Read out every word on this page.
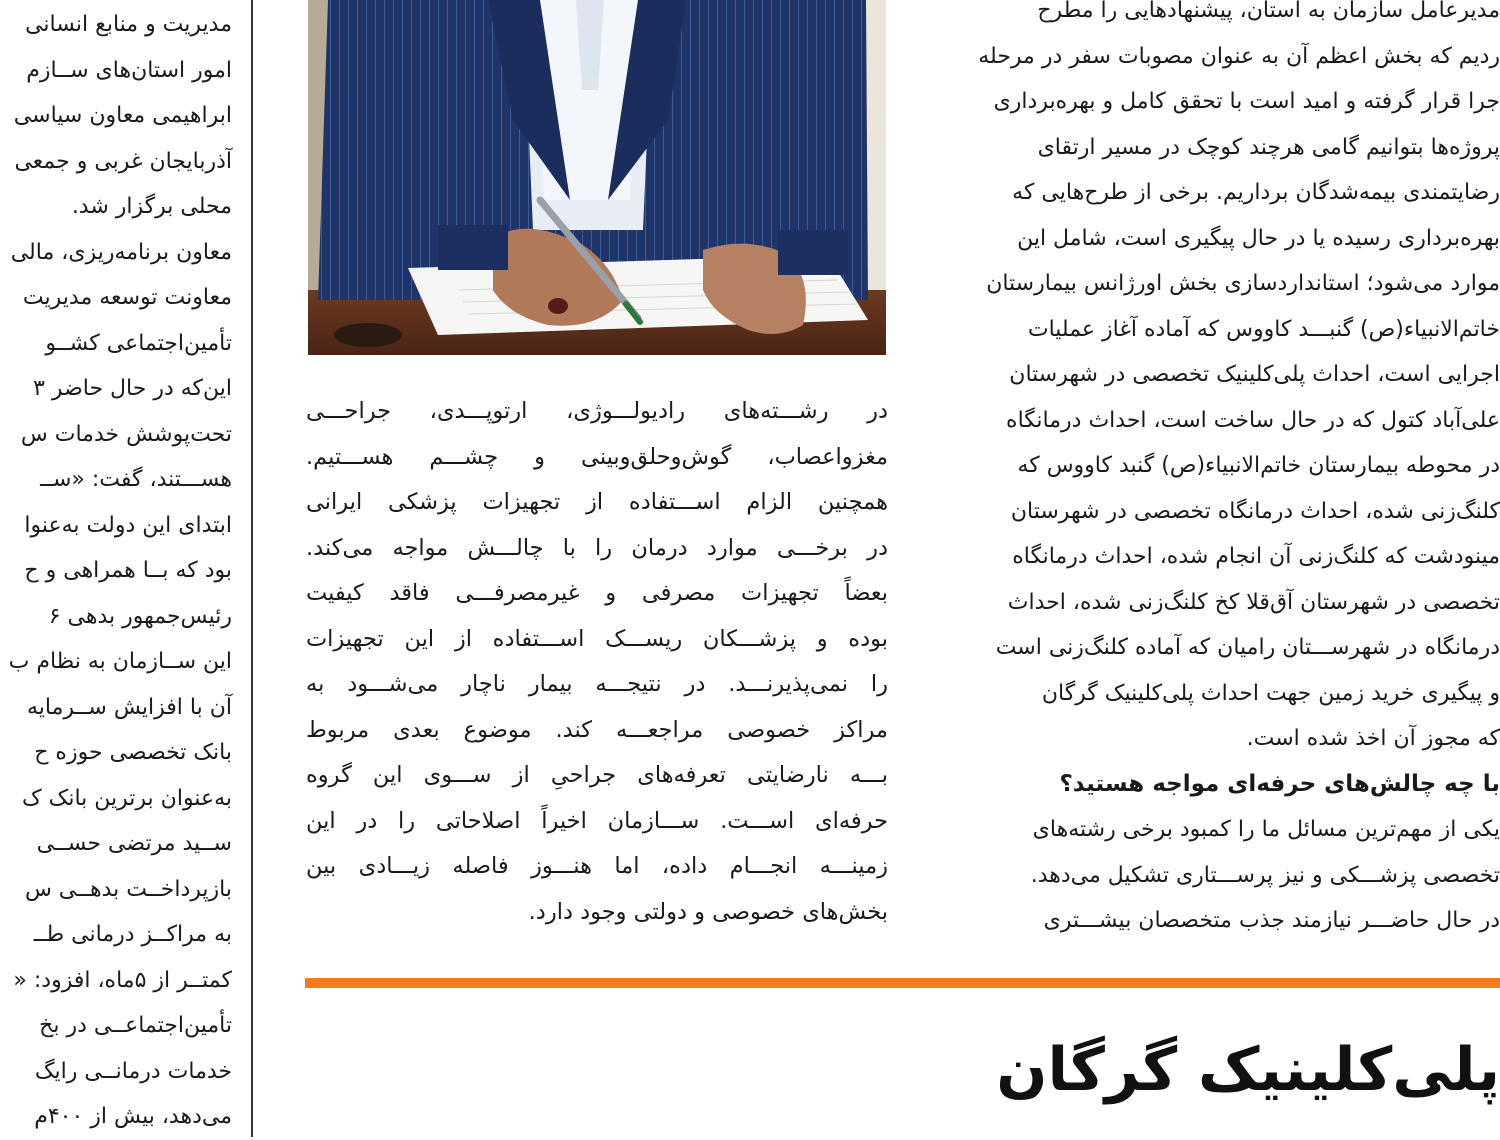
مدیریت و منابع انسانی
امور استان‌های ســازم
ابراهیمی معاون سیاسی
آذربایجان غربی و جمعی
محلی برگزار شد.
معاون برنامه‌ریزی، مالی
معاونت توسعه مدیریت
تأمین‌اجتماعی کشــو
این‌که در حال حاضر ۳
تحت‌پوشش خدمات س
هســـتند، گفت: «ســ
ابتدای این دولت به‌عنوا
بود که بــا همراهی و ح
رئیس‌جمهور بدهی ۶
این ســازمان به نظام ب
آن با افزایش ســرمایه
بانک تخصصی حوزه ح
به‌عنوان برترین بانک ک
ســید مرتضی حســی
بازپرداخــت بدهــی س
به مراکــز درمانی طــ
کمتــر از ۵ماه، افزود: «
تأمین‌اجتماعــی در بخ
خدمات درمانــی رایگ
می‌دهد، بیش از ۴۰۰م
در رشـــته‌های رادیولـــوژی، ارتوپـــدی، جراحـــی
مغزواعصاب، گوش‌وحلق‌وبینی و چشـــم هســـتیم.
همچنین الزام اســـتفاده از تجهیزات پزشکی ایرانی
در برخـــی موارد درمان را با چالـــش مواجه می‌کند.
بعضاً تجهیزات مصرفی و غیرمصرفـــی فاقد کیفیت
بوده و پزشـــکان ریســـک اســـتفاده از این تجهیزات
را نمی‌پذیرنـــد. در نتیجـــه بیمار ناچار می‌شـــود به
مراکز خصوصی مراجعـــه کند. موضوع بعدی مربوط
بـــه نارضایتی تعرفه‌های جراحیِ از ســـوی این گروه
حرفه‌ای اســـت. ســـازمان اخیراً اصلاحاتی را در این
زمینـــه انجـــام داده، اما هنـــوز فاصله زیـــادی بین
بخش‌های خصوصی و دولتی وجود دارد.
مدیرعامل سازمان به استان، پیشنهادهایی را مطرح
ردیم که بخش اعظم آن به عنوان مصوبات سفر در مرحله
جرا قرار گرفته و امید است با تحقق کامل و بهره‌برداری
پروژه‌ها بتوانیم گامی هرچند کوچک در مسیر ارتقای
رضایتمندی بیمه‌شدگان برداریم. برخی از طرح‌هایی که
بهره‌برداری رسیده یا در حال پیگیری است، شامل این
موارد می‌شود؛ استانداردسازی بخش اورژانس بیمارستان
خاتم‌الانبیاء(ص) گنبـــد کاووس که آماده آغاز عملیات
اجرایی است، احداث پلی‌کلینیک تخصصی در شهرستان
علی‌آباد کتول که در حال ساخت است، احداث درمانگاه
در محوطه بیمارستان خاتم‌الانبیاء(ص) گنبد کاووس که
کلنگ‌زنی شده، احداث درمانگاه تخصصی در شهرستان
مینودشت که کلنگ‌زنی آن انجام شده، احداث درمانگاه
تخصصی در شهرستان آق‌قلا کخ کلنگ‌زنی شده، احداث
درمانگاه در شهرســـتان رامیان که آماده کلنگ‌زنی است
و پیگیری خرید زمین جهت احداث پلی‌کلینیک گرگان
که مجوز آن اخذ شده است.
با چه چالش‌های حرفه‌ای مواجه هستید؟
یکی از مهم‌ترین مسائل ما را کمبود برخی رشته‌های
تخصصی پزشـــکی و نیز پرســـتاری تشکیل می‌دهد.
در حال حاضـــر نیازمند جذب متخصصان بیشـــتری
پلی‌کلینیک گرگان
